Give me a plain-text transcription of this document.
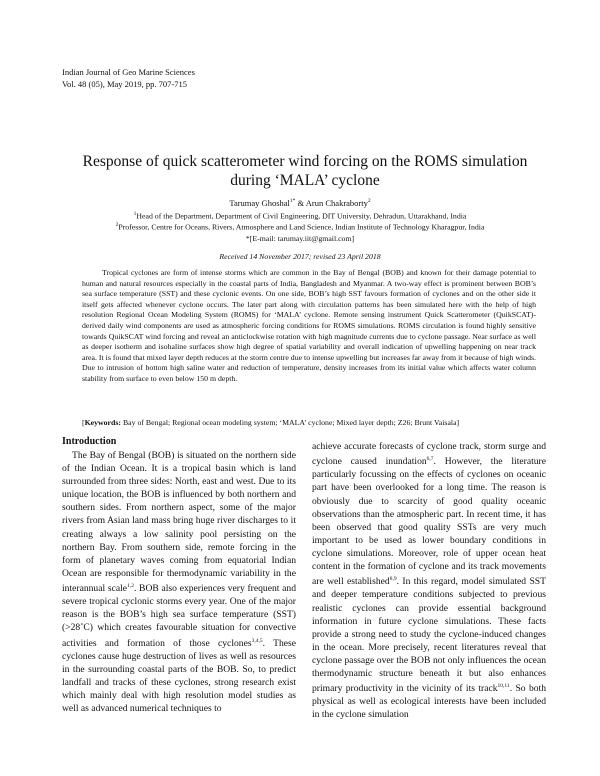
Indian Journal of Geo Marine Sciences
Vol. 48 (05), May 2019, pp. 707-715
Response of quick scatterometer wind forcing on the ROMS simulation during ‘MALA’ cyclone
Tarumay Ghoshal$^{1*}$ & Arun Chakraborty$^2$
$^1$Head of the Department, Department of Civil Engineering, DIT University, Dehradun, Uttarakhand, India
$^2$Professor, Centre for Oceans, Rivers, Atmosphere and Land Science, Indian Institute of Technology Kharagpur, India
*[E-mail: tarumay.iit@gmail.com]
Received 14 November 2017; revised 23 April 2018

Tropical cyclones are form of intense storms which are common in the Bay of Bengal (BOB) and known for their damage potential to human and natural resources especially in the coastal parts of India, Bangladesh and Myanmar. A two-way effect is prominent between BOB’s sea surface temperature (SST) and these cyclonic events. On one side, BOB’s high SST favours formation of cyclones and on the other side it itself gets affected whenever cyclone occurs. The later part along with circulation patterns has been simulated here with the help of high resolution Regional Ocean Modeling System (ROMS) for ‘MALA’ cyclone. Remote sensing instrument Quick Scatterometer (QuikSCAT)-derived daily wind components are used as atmospheric forcing conditions for ROMS simulations. ROMS circulation is found highly sensitive towards QuikSCAT wind forcing and reveal an anticlockwise rotation with high magnitude currents due to cyclone passage. Near surface as well as deeper isotherm and isohaline surfaces show high degree of spatial variability and overall indication of upwelling happening on near track area. It is found that mixed layer depth reduces at the storm centre due to intense upwelling but increases far away from it because of high winds. Due to intrusion of bottom high saline water and reduction of temperature, density increases from its initial value which affects water column stability from surface to even below 150 m depth.

[Keywords: Bay of Bengal; Regional ocean modeling system; ‘MALA’ cyclone; Mixed layer depth; Z26; Brunt Vaisala]

Introduction

The Bay of Bengal (BOB) is situated on the northern side of the Indian Ocean. It is a tropical basin which is land surrounded from three sides: North, east and west. Due to its unique location, the BOB is influenced by both northern and southern sides. From northern aspect, some of the major rivers from Asian land mass bring huge river discharges to it creating always a low salinity pool persisting on the northern Bay. From southern side, remote forcing in the form of planetary waves coming from equatorial Indian Ocean are responsible for thermodynamic variability in the interannual scale$^{1,2}$. BOB also experiences very frequent and severe tropical cyclonic storms every year. One of the major reason is the BOB’s high sea surface temperature (SST) (>28˚C) which creates favourable situation for convective activities and formation of those cyclones$^{3,4,5}$. These cyclones cause huge destruction of lives as well as resources in the surrounding coastal parts of the BOB. So, to predict landfall and tracks of these cyclones, strong research exist which mainly deal with high resolution model studies as well as advanced numerical techniques to

achieve accurate forecasts of cyclone track, storm surge and cyclone caused inundation$^{6,7}$. However, the literature particularly focussing on the effects of cyclones on oceanic part have been overlooked for a long time. The reason is obviously due to scarcity of good quality oceanic observations than the atmospheric part. In recent time, it has been observed that good quality SSTs are very much important to be used as lower boundary conditions in cyclone simulations. Moreover, role of upper ocean heat content in the formation of cyclone and its track movements are well established$^{8,9}$. In this regard, model simulated SST and deeper temperature conditions subjected to previous realistic cyclones can provide essential background information in future cyclone simulations. These facts provide a strong need to study the cyclone-induced changes in the ocean. More precisely, recent literatures reveal that cyclone passage over the BOB not only influences the ocean thermodynamic structure beneath it but also enhances primary productivity in the vicinity of its track$^{10,11}$. So both physical as well as ecological interests have been included in the cyclone simulation
